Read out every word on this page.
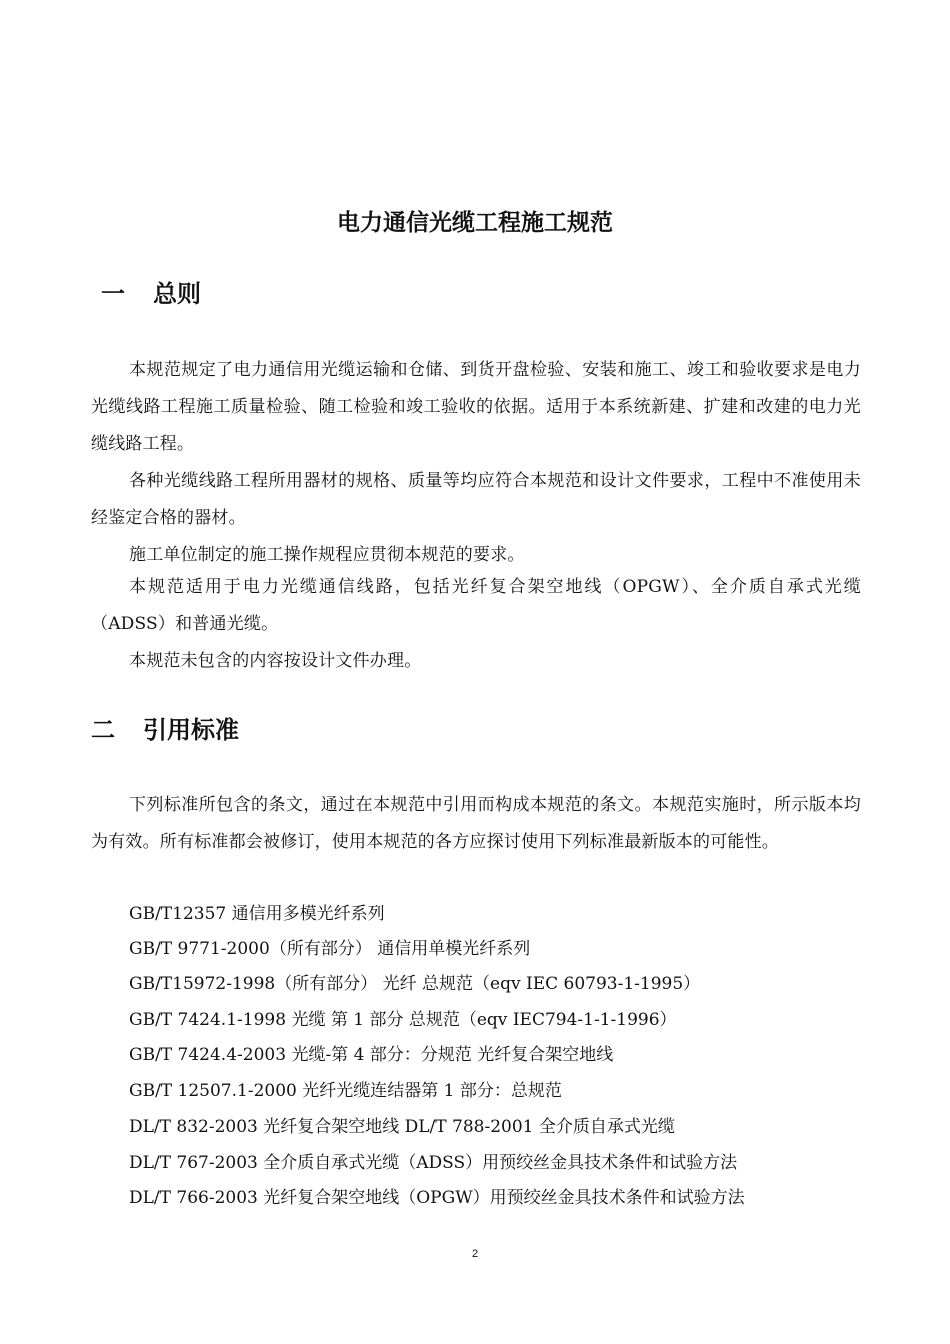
电力通信光缆工程施工规范
一 总则

本规范规定了电力通信用光缆运输和仓储、到货开盘检验、安装和施工、竣工和验收要求是电力光缆线路工程施工质量检验、随工检验和竣工验收的依据。适用于本系统新建、扩建和改建的电力光缆线路工程。

各种光缆线路工程所用器材的规格、质量等均应符合本规范和设计文件要求，工程中不准使用未经鉴定合格的器材。

施工单位制定的施工操作规程应贯彻本规范的要求。

本规范适用于电力光缆通信线路，包括光纤复合架空地线（OPGW）、全介质自承式光缆（ADSS）和普通光缆。

本规范未包含的内容按设计文件办理。

二 引用标准

下列标准所包含的条文，通过在本规范中引用而构成本规范的条文。本规范实施时，所示版本均为有效。所有标准都会被修订，使用本规范的各方应探讨使用下列标准最新版本的可能性。

GB/T12357 通信用多模光纤系列
GB/T 9771-2000（所有部分） 通信用单模光纤系列
GB/T15972-1998（所有部分） 光纤 总规范（eqv IEC 60793-1-1995）
GB/T 7424.1-1998 光缆 第 1 部分 总规范（eqv IEC794-1-1-1996）
GB/T 7424.4-2003 光缆-第 4 部分：分规范 光纤复合架空地线
GB/T 12507.1-2000 光纤光缆连结器第 1 部分：总规范
DL/T 832-2003 光纤复合架空地线 DL/T 788-2001 全介质自承式光缆
DL/T 767-2003 全介质自承式光缆（ADSS）用预绞丝金具技术条件和试验方法
DL/T 766-2003 光纤复合架空地线（OPGW）用预绞丝金具技术条件和试验方法
2
